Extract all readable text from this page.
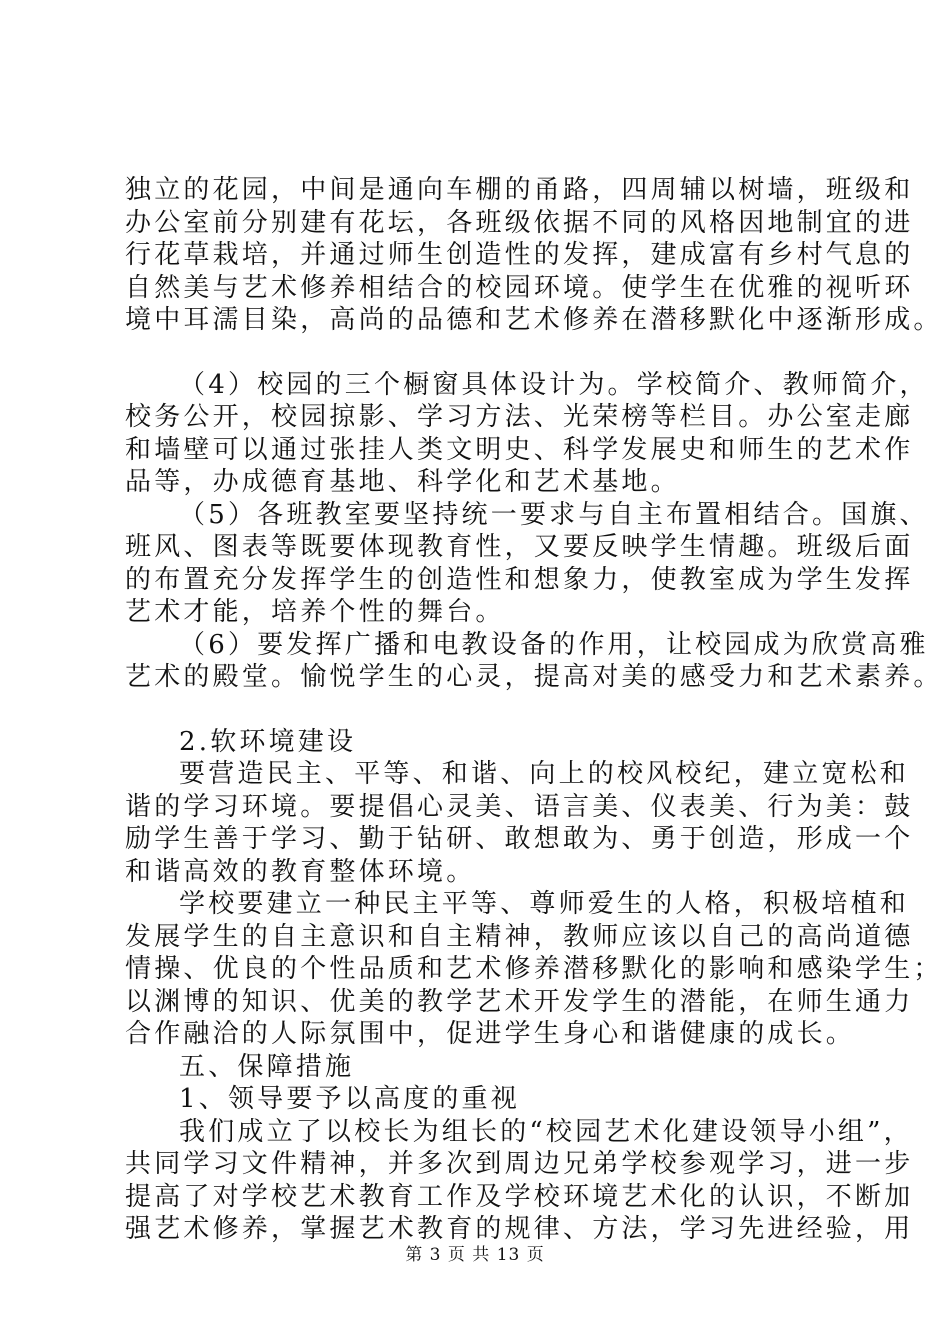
独立的花园，中间是通向车棚的甬路，四周辅以树墙，班级和
办公室前分别建有花坛，各班级依据不同的风格因地制宜的进
行花草栽培，并通过师生创造性的发挥，建成富有乡村气息的
自然美与艺术修养相结合的校园环境。使学生在优雅的视听环
境中耳濡目染，高尚的品德和艺术修养在潜移默化中逐渐形成。
（4）校园的三个橱窗具体设计为。学校简介、教师简介，
校务公开，校园掠影、学习方法、光荣榜等栏目。办公室走廊
和墙壁可以通过张挂人类文明史、科学发展史和师生的艺术作
品等，办成德育基地、科学化和艺术基地。
（5）各班教室要坚持统一要求与自主布置相结合。国旗、
班风、图表等既要体现教育性，又要反映学生情趣。班级后面
的布置充分发挥学生的创造性和想象力，使教室成为学生发挥
艺术才能，培养个性的舞台。
（6）要发挥广播和电教设备的作用，让校园成为欣赏高雅
艺术的殿堂。愉悦学生的心灵，提高对美的感受力和艺术素养。
2.软环境建设
要营造民主、平等、和谐、向上的校风校纪，建立宽松和
谐的学习环境。要提倡心灵美、语言美、仪表美、行为美：鼓
励学生善于学习、勤于钻研、敢想敢为、勇于创造，形成一个
和谐高效的教育整体环境。
学校要建立一种民主平等、尊师爱生的人格，积极培植和
发展学生的自主意识和自主精神，教师应该以自己的高尚道德
情操、优良的个性品质和艺术修养潜移默化的影响和感染学生；
以渊博的知识、优美的教学艺术开发学生的潜能，在师生通力
合作融洽的人际氛围中，促进学生身心和谐健康的成长。
五、保障措施
1、领导要予以高度的重视
我们成立了以校长为组长的“校园艺术化建设领导小组”，
共同学习文件精神，并多次到周边兄弟学校参观学习，进一步
提高了对学校艺术教育工作及学校环境艺术化的认识，不断加
强艺术修养，掌握艺术教育的规律、方法，学习先进经验，用
第 3 页 共 13 页
